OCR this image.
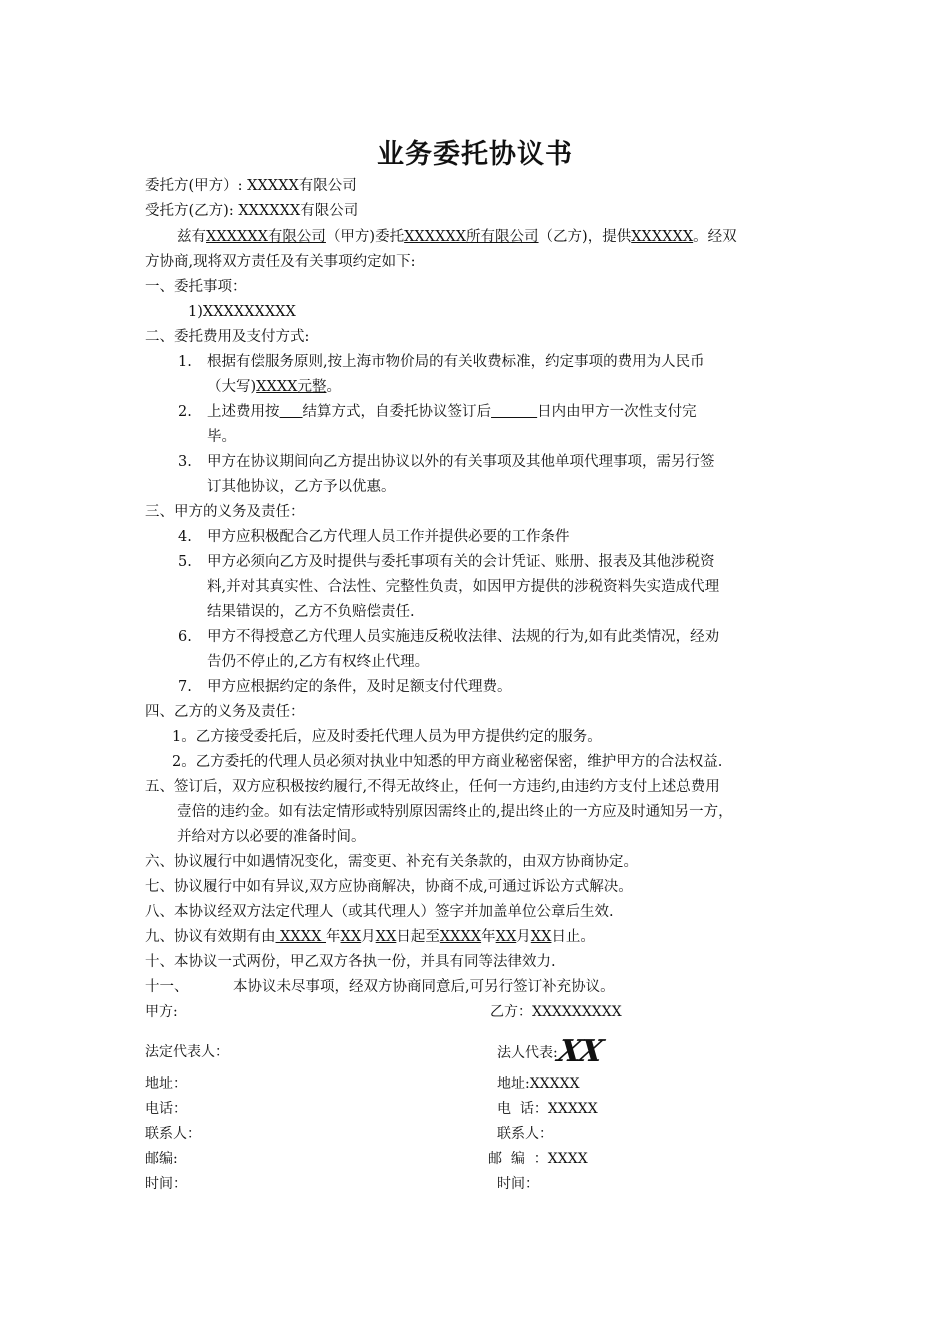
业务委托协议书
委托方(甲方）: XXXXX有限公司
受托方(乙方): XXXXXX有限公司
兹有XXXXXX有限公司（甲方)委托XXXXXX所有限公司（乙方)，提供XXXXXX。经双
方协商,现将双方责任及有关事项约定如下:
一、委托事项：
1)XXXXXXXXX
二、委托费用及支付方式:
1. 根据有偿服务原则,按上海市物价局的有关收费标准，约定事项的费用为人民币
（大写)XXXX元整。
2. 上述费用按 结算方式，自委托协议签订后	日内由甲方一次性支付完
毕。
3. 甲方在协议期间向乙方提出协议以外的有关事项及其他单项代理事项，需另行签
订其他协议，乙方予以优惠。
三、甲方的义务及责任：
4. 甲方应积极配合乙方代理人员工作并提供必要的工作条件
5. 甲方必须向乙方及时提供与委托事项有关的会计凭证、账册、报表及其他涉税资
料,并对其真实性、合法性、完整性负责，如因甲方提供的涉税资料失实造成代理
结果错误的，乙方不负赔偿责任.
6. 甲方不得授意乙方代理人员实施违反税收法律、法规的行为,如有此类情况，经劝
告仍不停止的,乙方有权终止代理。
7. 甲方应根据约定的条件，及时足额支付代理费。
四、乙方的义务及责任：
1。乙方接受委托后，应及时委托代理人员为甲方提供约定的服务。
2。乙方委托的代理人员必须对执业中知悉的甲方商业秘密保密，维护甲方的合法权益.
五、签订后，双方应积极按约履行,不得无故终止，任何一方违约,由违约方支付上述总费用
壹倍的违约金。如有法定情形或特别原因需终止的,提出终止的一方应及时通知另一方，
并给对方以必要的准备时间。
六、协议履行中如遇情况变化，需变更、补充有关条款的，由双方协商协定。
七、协议履行中如有异议,双方应协商解决，协商不成,可通过诉讼方式解决。
八、本协议经双方法定代理人（或其代理人）签字并加盖单位公章后生效.
九、协议有效期有由 XXXX 年XX月XX日起至XXXX年XX月XX日止。
十、本协议一式两份，甲乙双方各执一份，并具有同等法律效力.
十一、	本协议未尽事项，经双方协商同意后,可另行签订补充协议。
甲方:	乙方：XXXXXXXXX
法定代表人：	法人代表:XX
地址：	地址:XXXXX
电话：	电  话：XXXXX
联系人：	联系人：
邮编:	邮  编  ：XXXX
时间：	时间：
